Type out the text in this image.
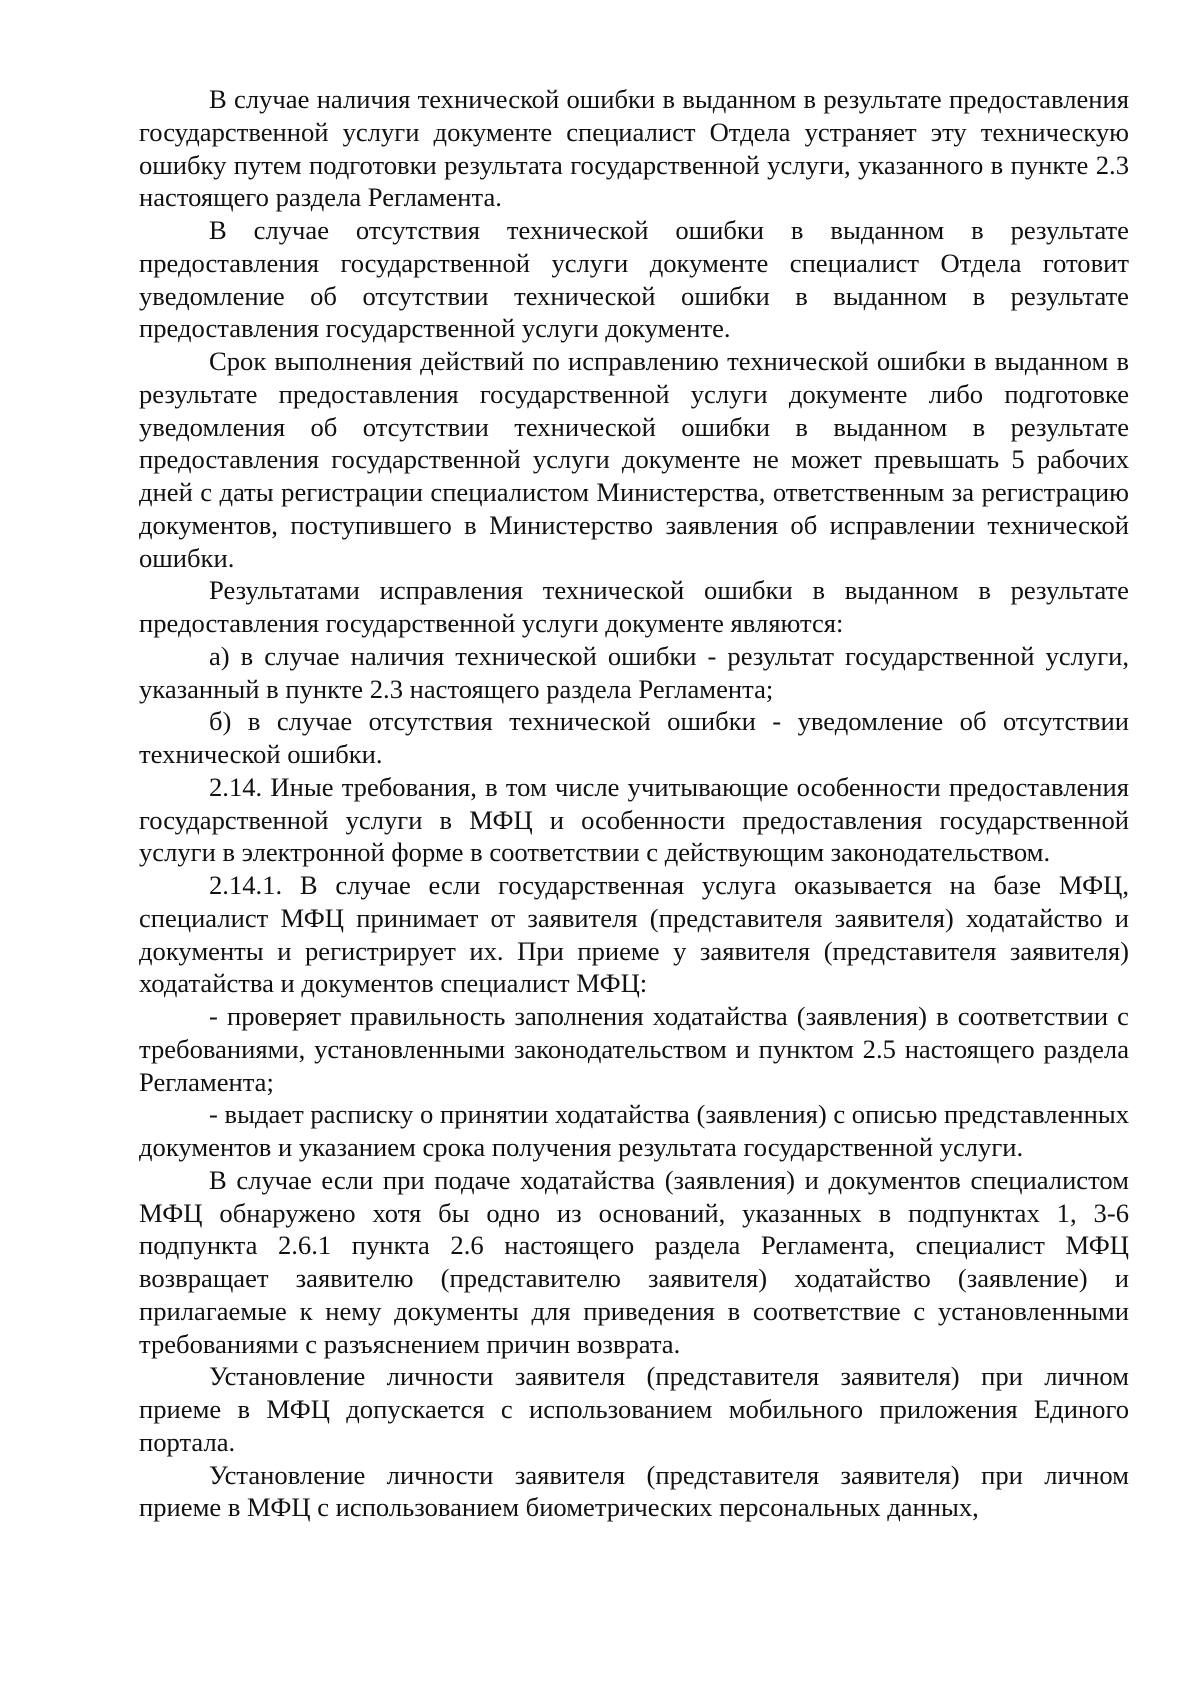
В случае наличия технической ошибки в выданном в результате предоставления государственной услуги документе специалист Отдела устраняет эту техническую ошибку путем подготовки результата государственной услуги, указанного в пункте 2.3 настоящего раздела Регламента.

В случае отсутствия технической ошибки в выданном в результате предоставления государственной услуги документе специалист Отдела готовит уведомление об отсутствии технической ошибки в выданном в результате предоставления государственной услуги документе.

Срок выполнения действий по исправлению технической ошибки в выданном в результате предоставления государственной услуги документе либо подготовке уведомления об отсутствии технической ошибки в выданном в результате предоставления государственной услуги документе не может превышать 5 рабочих дней с даты регистрации специалистом Министерства, ответственным за регистрацию документов, поступившего в Министерство заявления об исправлении технической ошибки.

Результатами исправления технической ошибки в выданном в результате предоставления государственной услуги документе являются:

а) в случае наличия технической ошибки - результат государственной услуги, указанный в пункте 2.3 настоящего раздела Регламента;

б) в случае отсутствия технической ошибки - уведомление об отсутствии технической ошибки.

2.14. Иные требования, в том числе учитывающие особенности предоставления государственной услуги в МФЦ и особенности предоставления государственной услуги в электронной форме в соответствии с действующим законодательством.

2.14.1. В случае если государственная услуга оказывается на базе МФЦ, специалист МФЦ принимает от заявителя (представителя заявителя) ходатайство и документы и регистрирует их. При приеме у заявителя (представителя заявителя) ходатайства и документов специалист МФЦ:

- проверяет правильность заполнения ходатайства (заявления) в соответствии с требованиями, установленными законодательством и пунктом 2.5 настоящего раздела Регламента;

- выдает расписку о принятии ходатайства (заявления) с описью представленных документов и указанием срока получения результата государственной услуги.

В случае если при подаче ходатайства (заявления) и документов специалистом МФЦ обнаружено хотя бы одно из оснований, указанных в подпунктах 1, 3-6 подпункта 2.6.1 пункта 2.6 настоящего раздела Регламента, специалист МФЦ возвращает заявителю (представителю заявителя) ходатайство (заявление) и прилагаемые к нему документы для приведения в соответствие с установленными требованиями с разъяснением причин возврата.

Установление личности заявителя (представителя заявителя) при личном приеме в МФЦ допускается с использованием мобильного приложения Единого портала.

Установление личности заявителя (представителя заявителя) при личном приеме в МФЦ с использованием биометрических персональных данных,
